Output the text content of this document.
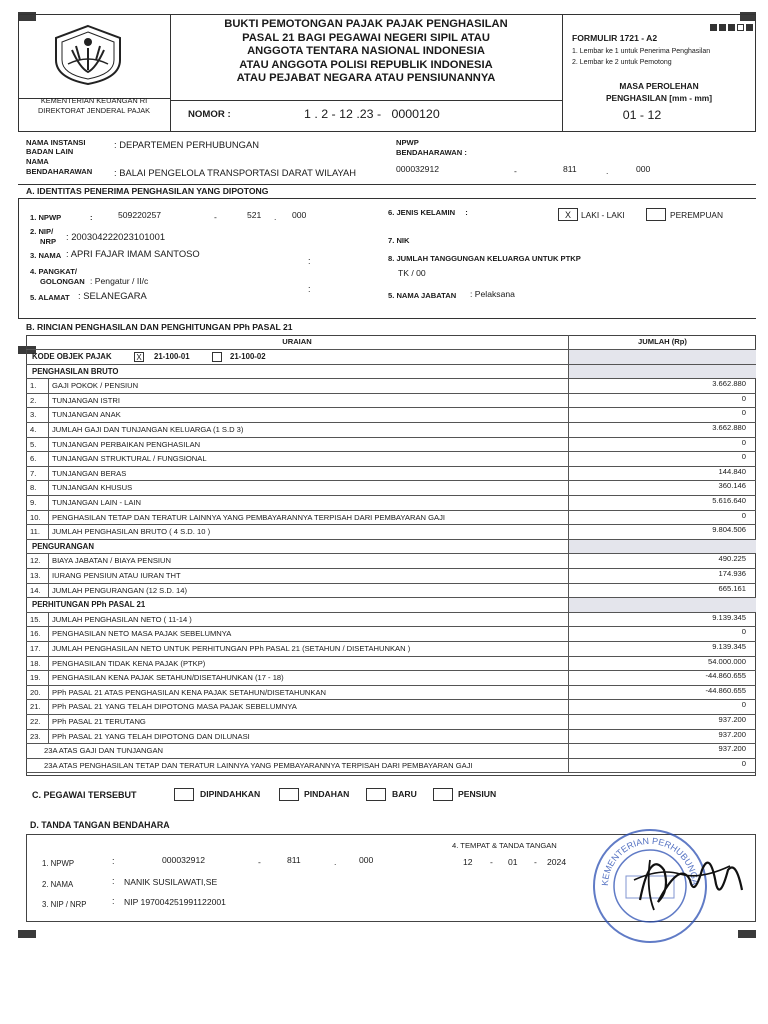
KEMENTERIAN KEUANGAN RI
DIREKTORAT JENDERAL PAJAK
BUKTI PEMOTONGAN PAJAK PAJAK PENGHASILAN
PASAL 21 BAGI PEGAWAI NEGERI SIPIL ATAU
ANGGOTA TENTARA NASIONAL INDONESIA
ATAU ANGGOTA POLISI REPUBLIK INDONESIA
ATAU PEJABAT NEGARA ATAU PENSIUNANNYA
NOMOR :	1 . 2 - 12 .23 -   0000120
FORMULIR 1721 - A2
1. Lembar ke 1 untuk Penerima Penghasilan
2. Lembar ke 2 untuk Pemotong
MASA PEROLEHAN
PENGHASILAN [mm - mm]
01 - 12
NAMA INSTANSI
BADAN LAIN
: DEPARTEMEN PERHUBUNGAN
NAMA
BENDAHARAWAN : BALAI PENGELOLA TRANSPORTASI DARAT WILAYAH
NPWP
BENDAHARAWAN :
000032912	-	811	.	000
A. IDENTITAS PENERIMA PENGHASILAN YANG DIPOTONG
1. NPWP	:	509220257	-	521 . 000
2. NIP/
NRP : 200304222023101001
3. NAMA : APRI FAJAR IMAM SANTOSO
4. PANGKAT/
GOLONGAN : Pengatur / II/c
5. ALAMAT : SELANEGARA
:
:
6. JENIS KELAMIN :	X	LAKI - LAKI	PEREMPUAN
7. NIK
8. JUMLAH TANGGUNGAN KELUARGA UNTUK PTKP
TK / 00
5. NAMA JABATAN : Pelaksana
B. RINCIAN PENGHASILAN DAN PENGHITUNGAN PPh PASAL 21
URAIAN	JUMLAH (Rp)
KODE OBJEK PAJAK	X 21-100-01	21-100-02
PENGHASILAN BRUTO
1.	GAJI POKOK / PENSIUN	3.662.880
2.	TUNJANGAN ISTRI	0
3.	TUNJANGAN ANAK	0
4.	JUMLAH GAJI DAN TUNJANGAN KELUARGA (1 S.D 3)	3.662.880
5.	TUNJANGAN PERBAIKAN PENGHASILAN	0
6.	TUNJANGAN STRUKTURAL / FUNGSIONAL	0
7.	TUNJANGAN BERAS	144.840
8.	TUNJANGAN KHUSUS	360.146
9.	TUNJANGAN LAIN - LAIN	5.616.640
10.	PENGHASILAN TETAP DAN TERATUR LAINNYA YANG PEMBAYARANNYA TERPISAH DARI PEMBAYARAN GAJI	0
11.	JUMLAH PENGHASILAN BRUTO ( 4 S.D. 10 )	9.804.506
PENGURANGAN
12.	BIAYA JABATAN / BIAYA PENSIUN	490.225
13.	IURANG PENSIUN ATAU IURAN THT	174.936
14.	JUMLAH PENGURANGAN (12 S.D. 14)	665.161
PERHITUNGAN PPh PASAL 21
15.	JUMLAH PENGHASILAN NETO ( 11-14 )	9.139.345
16.	PENGHASILAN NETO MASA PAJAK SEBELUMNYA	0
17.	JUMLAH PENGHASILAN NETO UNTUK PERHITUNGAN PPh PASAL 21 (SETAHUN / DISETAHUNKAN )	9.139.345
18.	PENGHASILAN TIDAK KENA PAJAK (PTKP)	54.000.000
19.	PENGHASILAN KENA PAJAK SETAHUN/DISETAHUNKAN (17 - 18)	-44.860.655
20.	PPh PASAL 21 ATAS PENGHASILAN KENA PAJAK SETAHUN/DISETAHUNKAN	-44.860.655
21.	PPh PASAL 21 YANG TELAH DIPOTONG MASA PAJAK SEBELUMNYA	0
22.	PPh PASAL 21 TERUTANG	937.200
23.	PPh PASAL 21 YANG TELAH DIPOTONG DAN DILUNASI	937.200
23A ATAS GAJI DAN TUNJANGAN	937.200
23A ATAS PENGHASILAN TETAP DAN TERATUR LAINNYA YANG PEMBAYARANNYA TERPISAH DARI PEMBAYARAN GAJI	0
C. PEGAWAI TERSEBUT	DIPINDAHKAN	PINDAHAN	BARU	PENSIUN
D. TANDA TANGAN BENDAHARA
1. NPWP	:	000032912	-	811	.	000
2. NAMA	: NANIK SUSILAWATI,SE
3. NIP / NRP	: NIP 197004251991122001
4. TEMPAT & TANDA TANGAN
12 - 01 - 2024
KEMENTERIAN PERHUBUNGA
